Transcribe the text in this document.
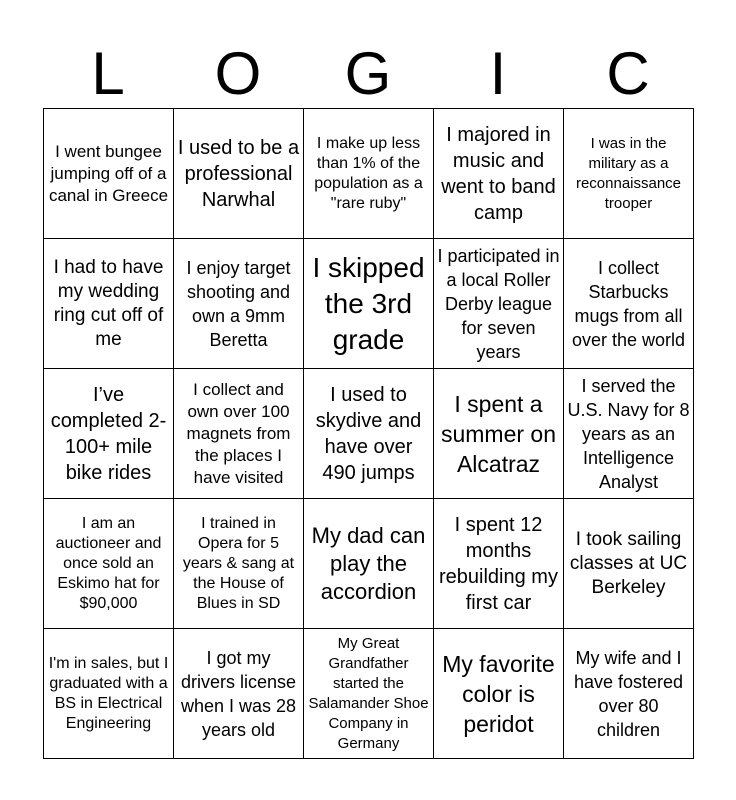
L	O	G	I	C
I went bungee jumping off of a canal in Greece	I used to be a professional Narwhal	I make up less than 1% of the population as a "rare ruby"	I majored in music and went to band camp	I was in the military as a reconnaissance trooper

I had to have my wedding ring cut off of me	I enjoy target shooting and own a 9mm Beretta	I skipped the 3rd grade	I participated in a local Roller Derby league for seven years	I collect Starbucks mugs from all over the world

I’ve completed 2-100+ mile bike rides	I collect and own over 100 magnets from the places I have visited	I used to skydive and have over 490 jumps	I spent a summer on Alcatraz	I served the U.S. Navy for 8 years as an Intelligence Analyst

I am an auctioneer and once sold an Eskimo hat for $90,000	I trained in Opera for 5 years & sang at the House of Blues in SD	My dad can play the accordion	I spent 12 months rebuilding my first car	I took sailing classes at UC Berkeley

I'm in sales, but I graduated with a BS in Electrical Engineering	I got my drivers license when I was 28 years old	My Great Grandfather started the Salamander Shoe Company in Germany	My favorite color is peridot	My wife and I have fostered over 80 children
